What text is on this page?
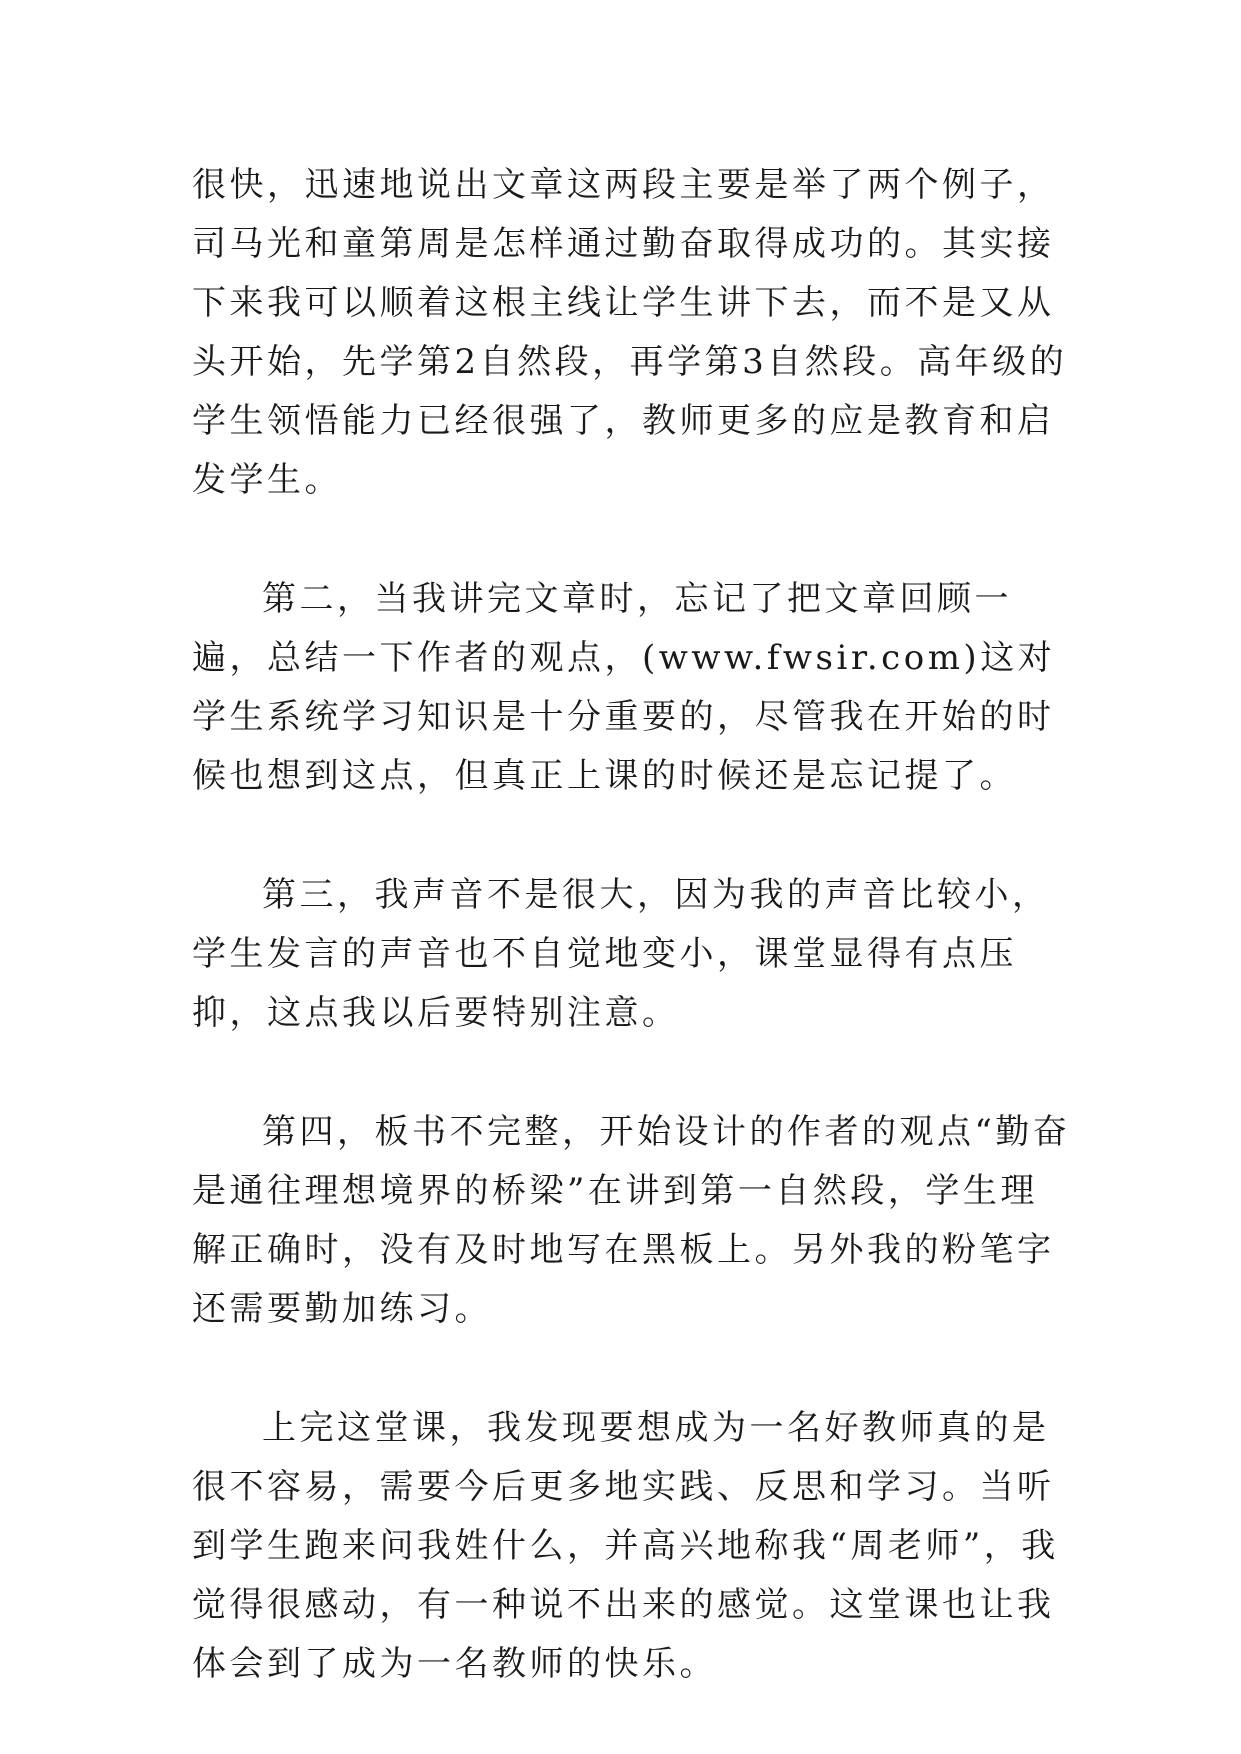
很快，迅速地说出文章这两段主要是举了两个例子，司马光和童第周是怎样通过勤奋取得成功的。其实接下来我可以顺着这根主线让学生讲下去，而不是又从头开始，先学第2自然段，再学第3自然段。高年级的学生领悟能力已经很强了，教师更多的应是教育和启发学生。

第二，当我讲完文章时，忘记了把文章回顾一遍，总结一下作者的观点，(www.fwsir.com)这对学生系统学习知识是十分重要的，尽管我在开始的时候也想到这点，但真正上课的时候还是忘记提了。

第三，我声音不是很大，因为我的声音比较小，学生发言的声音也不自觉地变小，课堂显得有点压抑，这点我以后要特别注意。

第四，板书不完整，开始设计的作者的观点“勤奋是通往理想境界的桥梁”在讲到第一自然段，学生理解正确时，没有及时地写在黑板上。另外我的粉笔字还需要勤加练习。

上完这堂课，我发现要想成为一名好教师真的是很不容易，需要今后更多地实践、反思和学习。当听到学生跑来问我姓什么，并高兴地称我“周老师”，我觉得很感动，有一种说不出来的感觉。这堂课也让我体会到了成为一名教师的快乐。
